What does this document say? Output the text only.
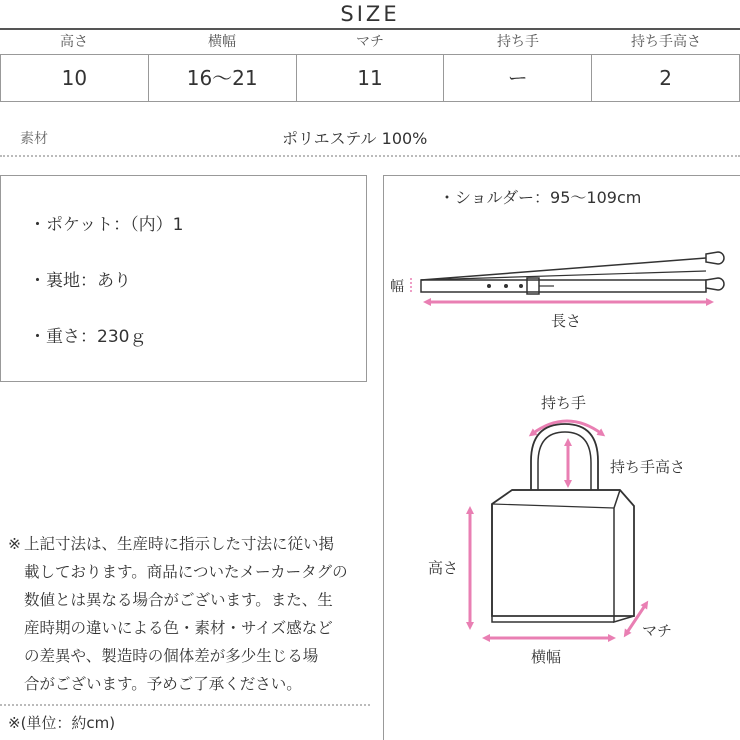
SIZE
高さ	横幅	マチ	持ち手	持ち手高さ
10	16〜21	11	ー	2
素材	ポリエステル 100%
・ポケット：（内）1
・裏地：あり
・重さ：230ｇ
・ショルダー：95〜109cm
幅
長さ
持ち手
持ち手高さ
高さ
マチ
横幅
※ 上記寸法は、生産時に指示した寸法に従い掲
載しております。商品についたメーカータグの
数値とは異なる場合がございます。また、生
産時期の違いによる色・素材・サイズ感など
の差異や、製造時の個体差が多少生じる場
合がございます。予めご了承ください。
※(単位：約cm)
